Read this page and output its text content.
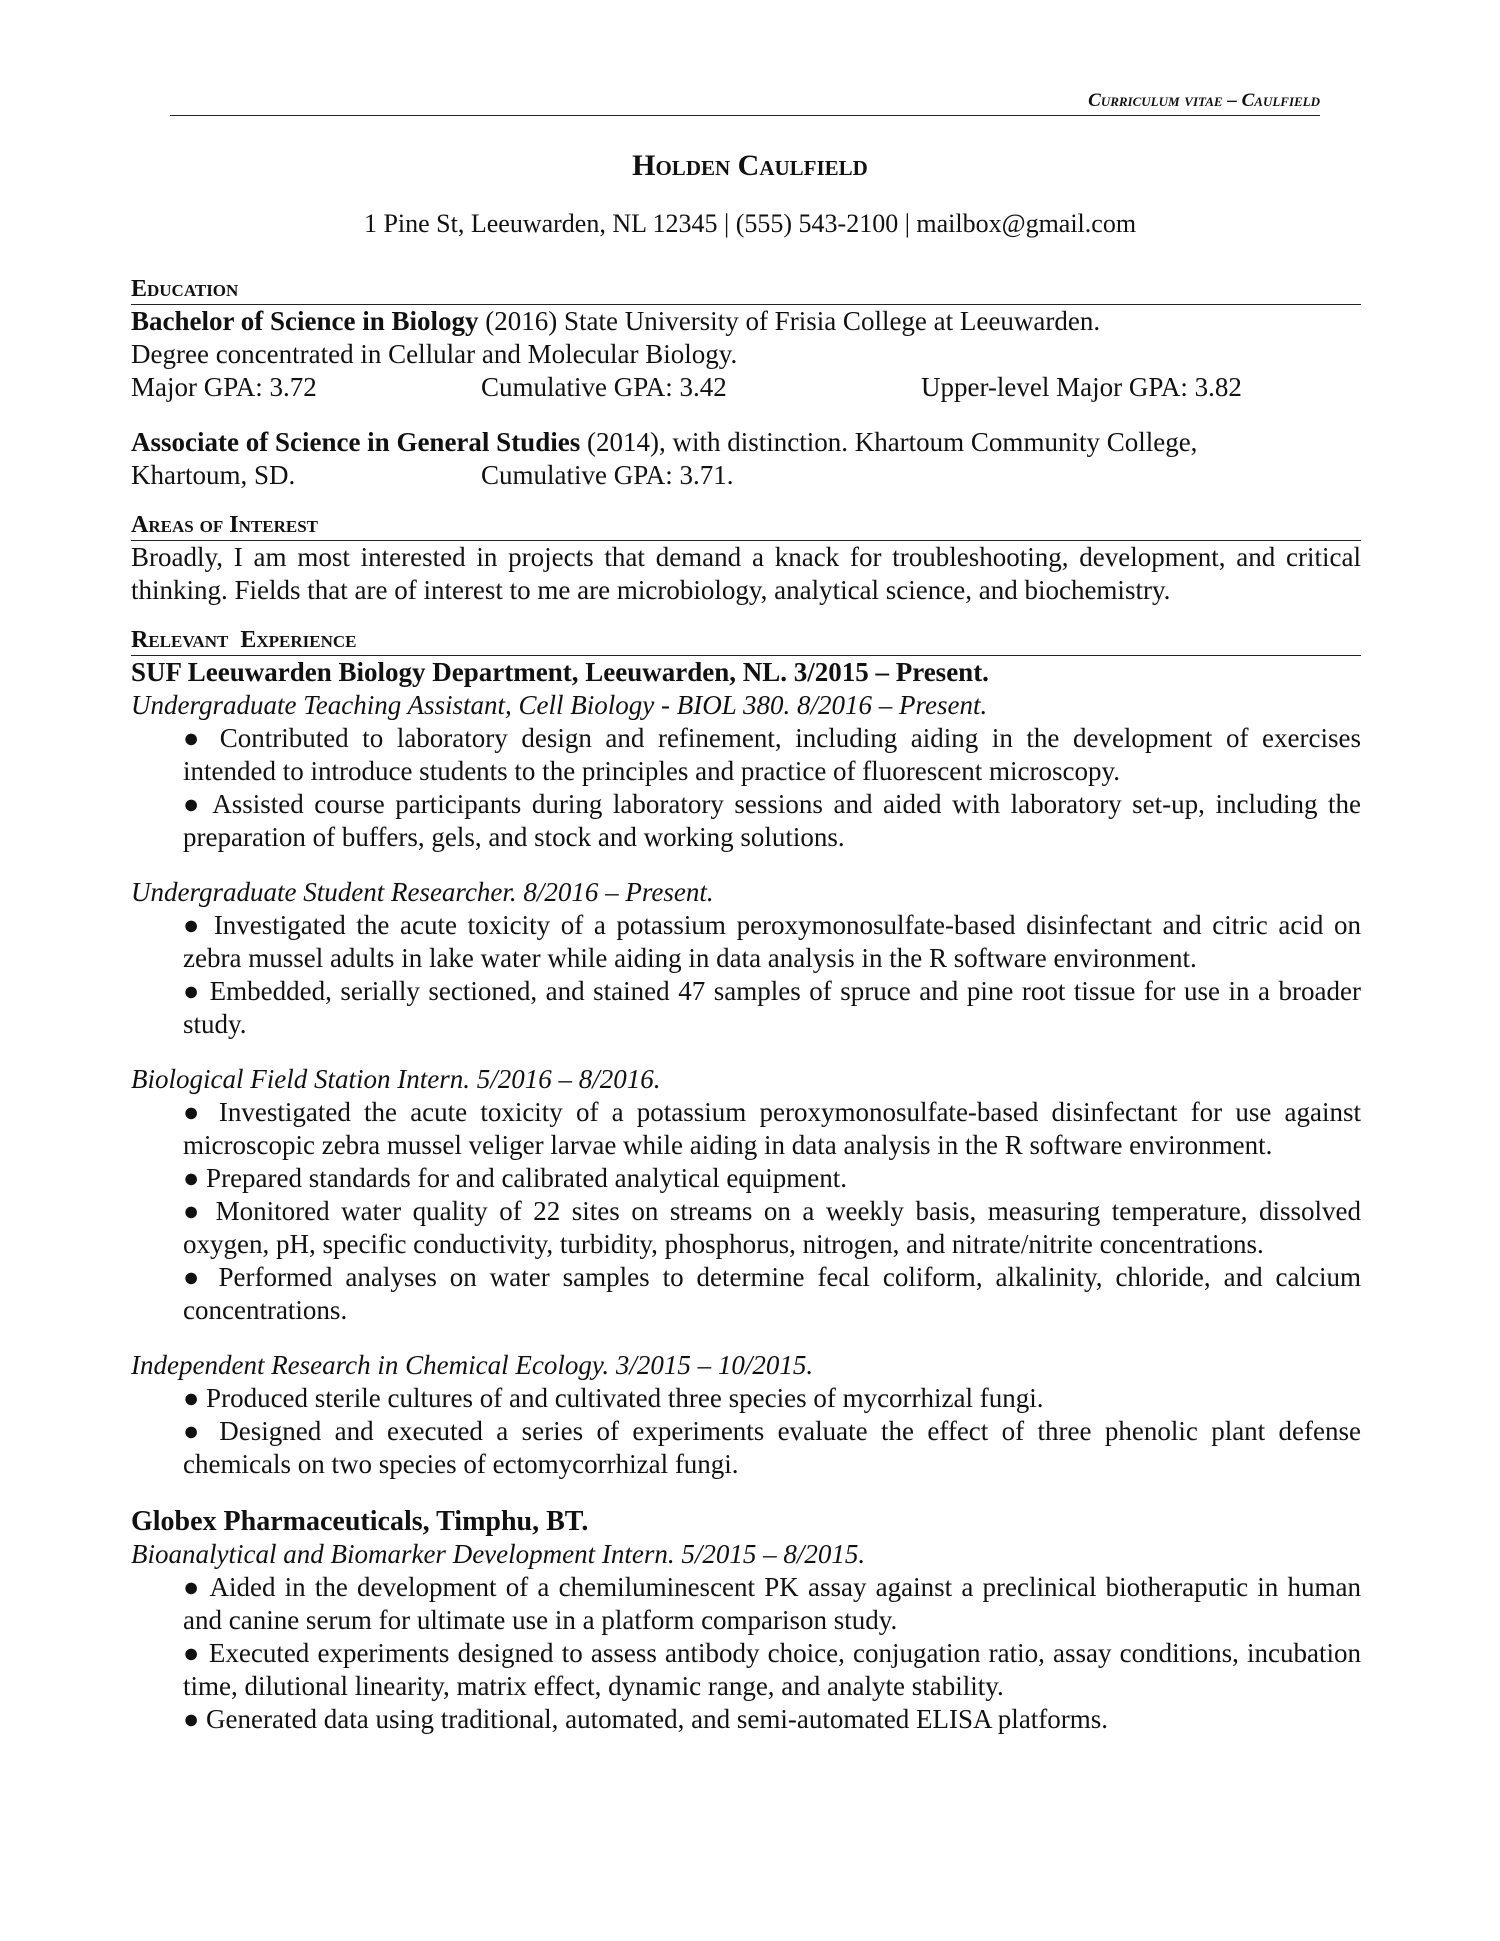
Curriculum vitae – Caulfield
Holden Caulfield
1 Pine St, Leeuwarden, NL 12345 | (555) 543-2100 | mailbox@gmail.com
Education

Bachelor of Science in Biology (2016) State University of Frisia College at Leeuwarden.

Degree concentrated in Cellular and Molecular Biology.

Major GPA: 3.72	Cumulative GPA: 3.42	Upper-level Major GPA: 3.82

Associate of Science in General Studies (2014), with distinction. Khartoum Community College,

Khartoum, SD.	Cumulative GPA: 3.71.
Areas of Interest

Broadly, I am most interested in projects that demand a knack for troubleshooting, development, and critical thinking. Fields that are of interest to me are microbiology, analytical science, and biochemistry.

Relevant  Experience

SUF Leeuwarden Biology Department, Leeuwarden, NL. 3/2015 – Present.

Undergraduate Teaching Assistant, Cell Biology - BIOL 380. 8/2016 – Present.

● Contributed to laboratory design and refinement, including aiding in the development of exercises intended to introduce students to the principles and practice of fluorescent microscopy.
● Assisted course participants during laboratory sessions and aided with laboratory set-up, including the preparation of buffers, gels, and stock and working solutions.

Undergraduate Student Researcher. 8/2016 – Present.

● Investigated the acute toxicity of a potassium peroxymonosulfate-based disinfectant and citric acid on zebra mussel adults in lake water while aiding in data analysis in the R software environment.
● Embedded, serially sectioned, and stained 47 samples of spruce and pine root tissue for use in a broader study.

Biological Field Station Intern. 5/2016 – 8/2016.

● Investigated the acute toxicity of a potassium peroxymonosulfate-based disinfectant for use against microscopic zebra mussel veliger larvae while aiding in data analysis in the R software environment.
● Prepared standards for and calibrated analytical equipment.
● Monitored water quality of 22 sites on streams on a weekly basis, measuring temperature, dissolved oxygen, pH, specific conductivity, turbidity, phosphorus, nitrogen, and nitrate/nitrite concentrations.
● Performed analyses on water samples to determine fecal coliform, alkalinity, chloride, and calcium concentrations.

Independent Research in Chemical Ecology. 3/2015 – 10/2015.

● Produced sterile cultures of and cultivated three species of mycorrhizal fungi.
● Designed and executed a series of experiments evaluate the effect of three phenolic plant defense chemicals on two species of ectomycorrhizal fungi.

Globex Pharmaceuticals, Timphu, BT.

Bioanalytical and Biomarker Development Intern. 5/2015 – 8/2015.

● Aided in the development of a chemiluminescent PK assay against a preclinical biotheraputic in human and canine serum for ultimate use in a platform comparison study.
● Executed experiments designed to assess antibody choice, conjugation ratio, assay conditions, incubation time, dilutional linearity, matrix effect, dynamic range, and analyte stability.
● Generated data using traditional, automated, and semi-automated ELISA platforms.
